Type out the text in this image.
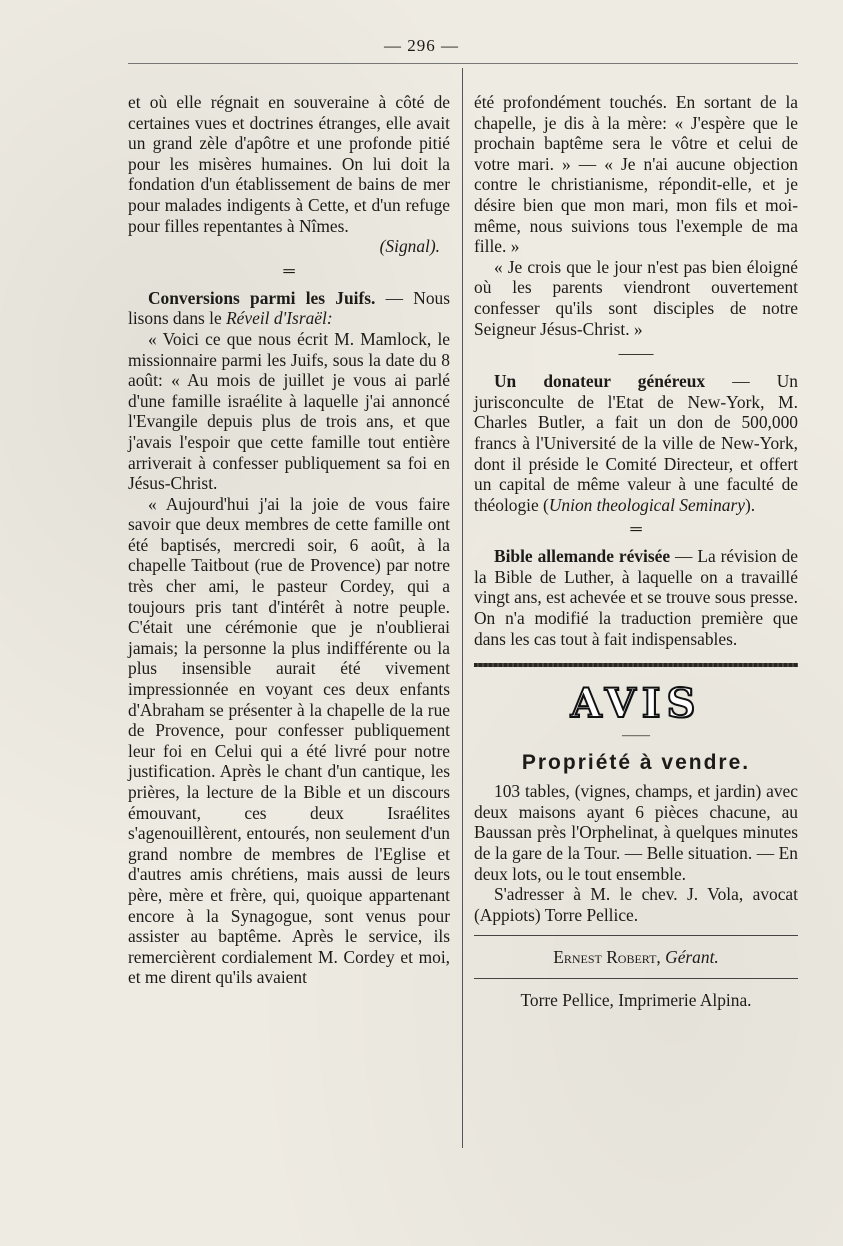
— 296 —

et où elle régnait en souveraine à côté de certaines vues et doctrines étranges, elle avait un grand zèle d'apôtre et une profonde pitié pour les misères humaines. On lui doit la fondation d'un établissement de bains de mer pour malades indigents à Cette, et d'un refuge pour filles repentantes à Nîmes.

(Signal).

═

Conversions parmi les Juifs. — Nous lisons dans le Réveil d'Israël:

« Voici ce que nous écrit M. Mamlock, le missionnaire parmi les Juifs, sous la date du 8 août: « Au mois de juillet je vous ai parlé d'une famille israélite à laquelle j'ai annoncé l'Evangile depuis plus de trois ans, et que j'avais l'espoir que cette famille tout entière arriverait à confesser publiquement sa foi en Jésus-Christ.

« Aujourd'hui j'ai la joie de vous faire savoir que deux membres de cette famille ont été baptisés, mercredi soir, 6 août, à la chapelle Taitbout (rue de Provence) par notre très cher ami, le pasteur Cordey, qui a toujours pris tant d'intérêt à notre peuple. C'était une cérémonie que je n'oublierai jamais; la personne la plus indifférente ou la plus insensible aurait été vivement impressionnée en voyant ces deux enfants d'Abraham se présenter à la chapelle de la rue de Provence, pour confesser publiquement leur foi en Celui qui a été livré pour notre justification. Après le chant d'un cantique, les prières, la lecture de la Bible et un discours émouvant, ces deux Israélites s'agenouillèrent, entourés, non seulement d'un grand nombre de membres de l'Eglise et d'autres amis chrétiens, mais aussi de leurs père, mère et frère, qui, quoique appartenant encore à la Synagogue, sont venus pour assister au baptême. Après le service, ils remercièrent cordialement M. Cordey et moi, et me dirent qu'ils avaient

été profondément touchés. En sortant de la chapelle, je dis à la mère: « J'espère que le prochain baptême sera le vôtre et celui de votre mari. » — « Je n'ai aucune objection contre le christianisme, répondit-elle, et je désire bien que mon mari, mon fils et moi-même, nous suivions tous l'exemple de ma fille. »

« Je crois que le jour n'est pas bien éloigné où les parents viendront ouvertement confesser qu'ils sont disciples de notre Seigneur Jésus-Christ. »

——

Un donateur généreux — Un jurisconculte de l'Etat de New-York, M. Charles Butler, a fait un don de 500,000 francs à l'Université de la ville de New-York, dont il préside le Comité Directeur, et offert un capital de même valeur à une faculté de théologie (Union theological Seminary).

═

Bible allemande révisée — La révision de la Bible de Luther, à laquelle on a travaillé vingt ans, est achevée et se trouve sous presse. On n'a modifié la traduction première que dans les cas tout à fait indispensables.

AVIS

——

Propriété à vendre.

103 tables, (vignes, champs, et jardin) avec deux maisons ayant 6 pièces chacune, au Baussan près l'Orphelinat, à quelques minutes de la gare de la Tour. — Belle situation. — En deux lots, ou le tout ensemble.

S'adresser à M. le chev. J. Vola, avocat (Appiots) Torre Pellice.

Ernest Robert, Gérant.

Torre Pellice, Imprimerie Alpina.
